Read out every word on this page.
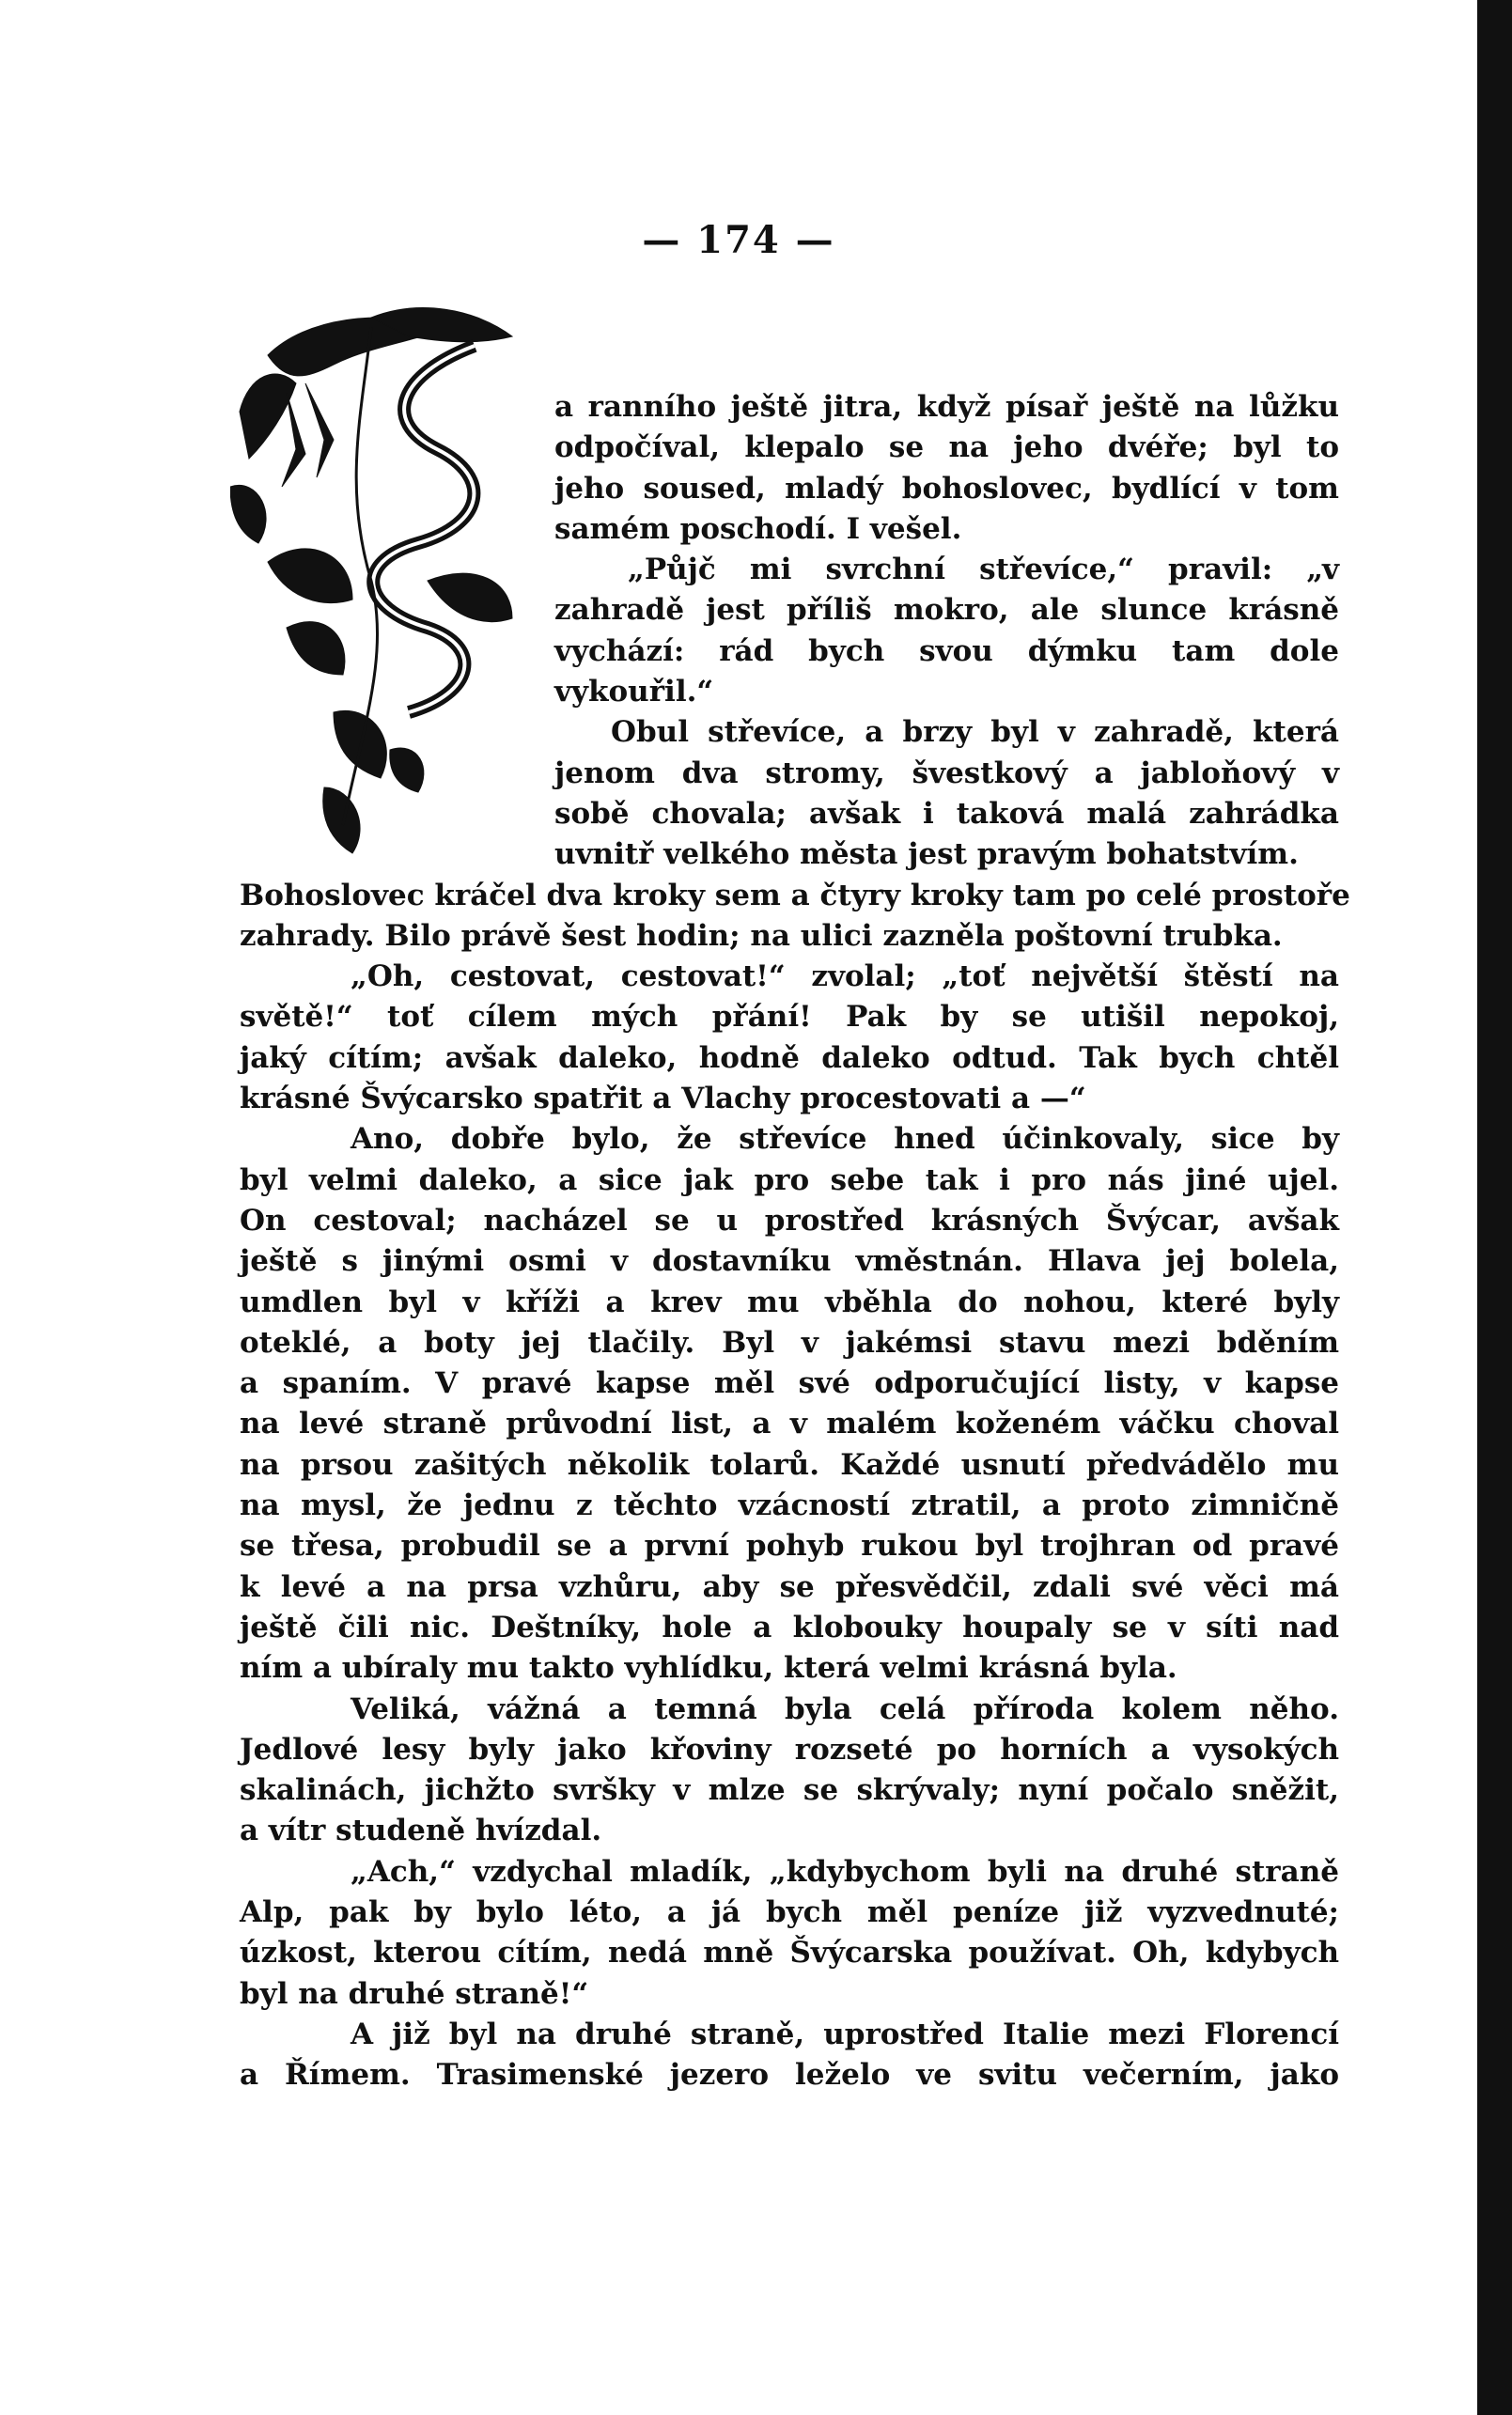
— 174 —
a ranního ještě jitra, když písař ještě na lůžku
odpočíval, klepalo se na jeho dvéře; byl to
jeho soused, mladý bohoslovec, bydlící v tom
samém poschodí. I vešel.
„Půjč mi svrchní střevíce,“ pravil: „v
zahradě jest příliš mokro, ale slunce krásně
vychází: rád bych svou dýmku tam dole
vykouřil.“
Obul střevíce, a brzy byl v zahradě, která
jenom dva stromy, švestkový a jabloňový v
sobě chovala; avšak i taková malá zahrádka
uvnitř velkého města jest pravým bohatstvím.
Bohoslovec kráčel dva kroky sem a čtyry kroky tam po celé prostoře
zahrady. Bilo právě šest hodin; na ulici zazněla poštovní trubka.
„Oh, cestovat, cestovat!“ zvolal; „toť největší štěstí na
světě!“ toť cílem mých přání! Pak by se utišil nepokoj,
jaký cítím; avšak daleko, hodně daleko odtud. Tak bych chtěl
krásné Švýcarsko spatřit a Vlachy procestovati a —“
Ano, dobře bylo, že střevíce hned účinkovaly, sice by
byl velmi daleko, a sice jak pro sebe tak i pro nás jiné ujel.
On cestoval; nacházel se u prostřed krásných Švýcar, avšak
ještě s jinými osmi v dostavníku vměstnán. Hlava jej bolela,
umdlen byl v kříži a krev mu vběhla do nohou, které byly
oteklé, a boty jej tlačily. Byl v jakémsi stavu mezi bděním
a spaním. V pravé kapse měl své odporučující listy, v kapse
na levé straně průvodní list, a v malém koženém váčku choval
na prsou zašitých několik tolarů. Každé usnutí předvádělo mu
na mysl, že jednu z těchto vzácností ztratil, a proto zimničně
se třesa, probudil se a první pohyb rukou byl trojhran od pravé
k levé a na prsa vzhůru, aby se přesvědčil, zdali své věci má
ještě čili nic. Deštníky, hole a klobouky houpaly se v síti nad
ním a ubíraly mu takto vyhlídku, která velmi krásná byla.
Veliká, vážná a temná byla celá příroda kolem něho.
Jedlové lesy byly jako křoviny rozseté po horních a vysokých
skalinách, jichžto svršky v mlze se skrývaly; nyní počalo sněžit,
a vítr studeně hvízdal.
„Ach,“ vzdychal mladík, „kdybychom byli na druhé straně
Alp, pak by bylo léto, a já bych měl peníze již vyzvednuté;
úzkost, kterou cítím, nedá mně Švýcarska používat. Oh, kdybych
byl na druhé straně!“
A již byl na druhé straně, uprostřed Italie mezi Florencí
a Římem. Trasimenské jezero leželo ve svitu večerním, jako
